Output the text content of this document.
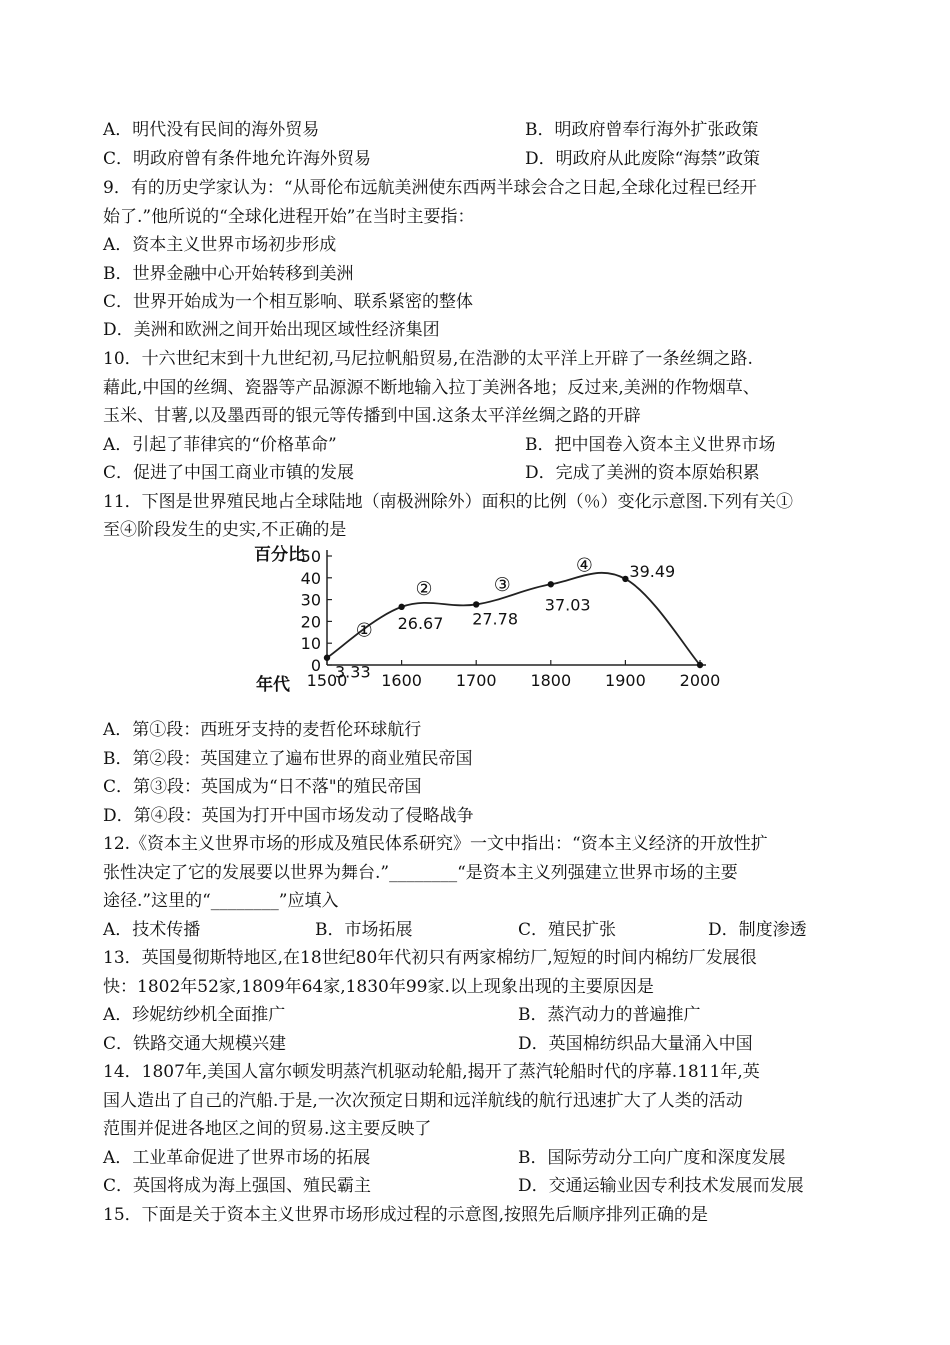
A．明代没有民间的海外贸易	B．明政府曾奉行海外扩张政策
C．明政府曾有条件地允许海外贸易	D．明政府从此废除“海禁”政策
9．有的历史学家认为：“从哥伦布远航美洲使东西两半球会合之日起,全球化过程已经开
始了.”他所说的“全球化进程开始”在当时主要指：
A．资本主义世界市场初步形成
B．世界金融中心开始转移到美洲
C．世界开始成为一个相互影响、联系紧密的整体
D．美洲和欧洲之间开始出现区域性经济集团
10．十六世纪末到十九世纪初,马尼拉帆船贸易,在浩渺的太平洋上开辟了一条丝绸之路.
藉此,中国的丝绸、瓷器等产品源源不断地输入拉丁美洲各地；反过来,美洲的作物烟草、
玉米、甘薯,以及墨西哥的银元等传播到中国.这条太平洋丝绸之路的开辟
A．引起了菲律宾的“价格革命”	B．把中国卷入资本主义世界市场
C．促进了中国工商业市镇的发展	D．完成了美洲的资本原始积累
11．下图是世界殖民地占全球陆地（南极洲除外）面积的比例（％）变化示意图.下列有关①
至④阶段发生的史实,不正确的是
0
10
20
30
40
50
1500 1600 1700 1800 1900 2000
3.33
26.67 27.78
37.03
39.49
①
②	③
④
百分比
年代
A．第①段：西班牙支持的麦哲伦环球航行
B．第②段：英国建立了遍布世界的商业殖民帝国
C．第③段：英国成为“日不落"的殖民帝国
D．第④段：英国为打开中国市场发动了侵略战争
12.《资本主义世界市场的形成及殖民体系研究》一文中指出：“资本主义经济的开放性扩
张性决定了它的发展要以世界为舞台.”________“是资本主义列强建立世界市场的主要
途径.”这里的“________”应填入
A．技术传播	B．市场拓展	C．殖民扩张	D．制度渗透
13．英国曼彻斯特地区,在18世纪80年代初只有两家棉纺厂,短短的时间内棉纺厂发展很
快：1802年52家,1809年64家,1830年99家.以上现象出现的主要原因是
A．珍妮纺纱机全面推广	B．蒸汽动力的普遍推广
C．铁路交通大规模兴建	D．英国棉纺织品大量涌入中国
14．1807年,美国人富尔顿发明蒸汽机驱动轮船,揭开了蒸汽轮船时代的序幕.1811年,英
国人造出了自己的汽船.于是,一次次预定日期和远洋航线的航行迅速扩大了人类的活动
范围并促进各地区之间的贸易.这主要反映了
A．工业革命促进了世界市场的拓展	B．国际劳动分工向广度和深度发展
C．英国将成为海上强国、殖民霸主	D．交通运输业因专利技术发展而发展
15．下面是关于资本主义世界市场形成过程的示意图,按照先后顺序排列正确的是
